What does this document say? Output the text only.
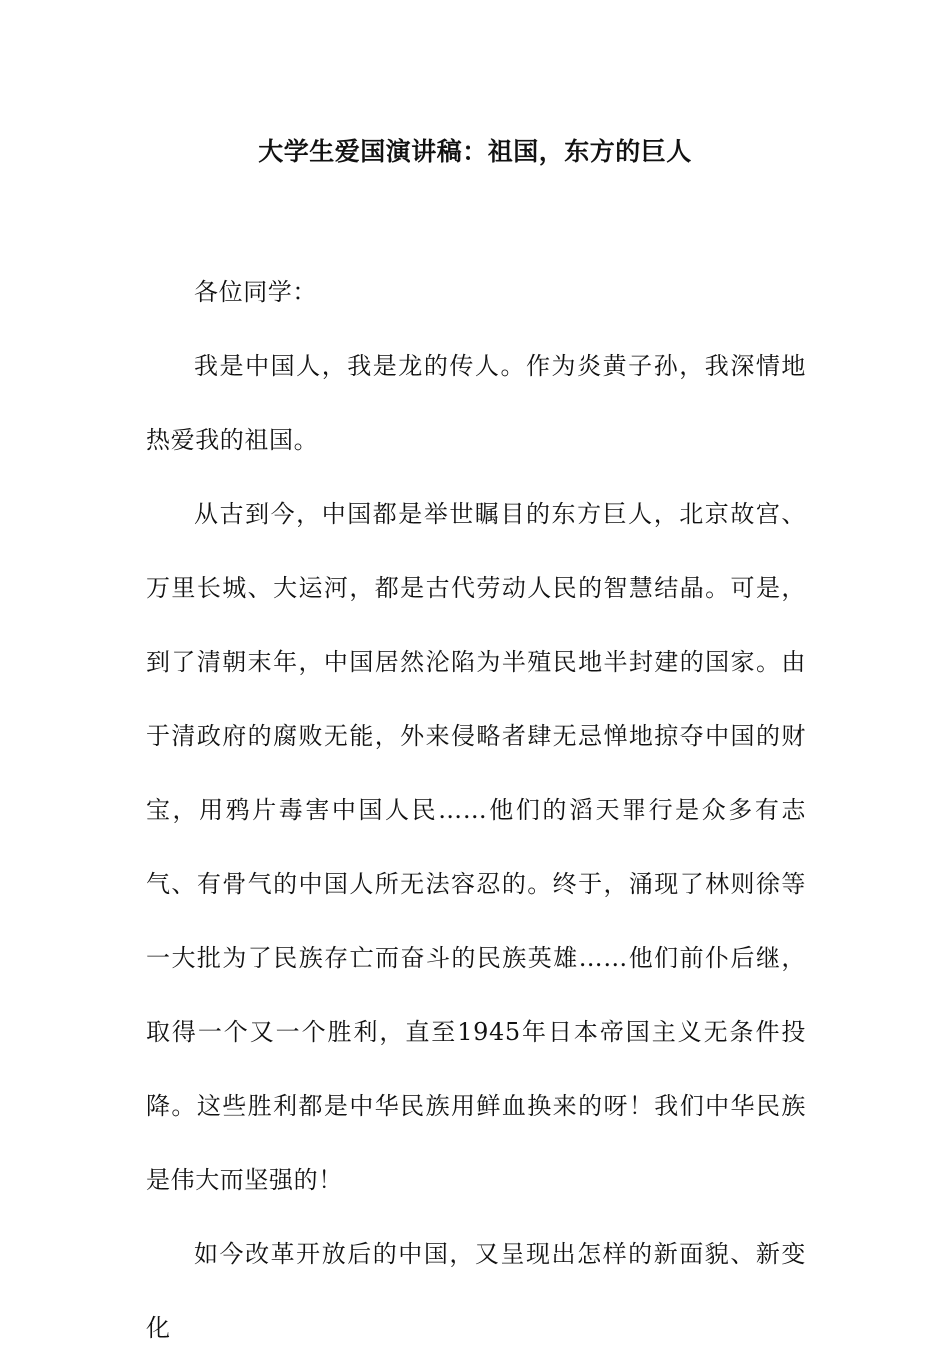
大学生爱国演讲稿：祖国，东方的巨人

各位同学：

我是中国人，我是龙的传人。作为炎黄子孙，我深情地热爱我的祖国。

从古到今，中国都是举世瞩目的东方巨人，北京故宫、万里长城、大运河，都是古代劳动人民的智慧结晶。可是，到了清朝末年，中国居然沦陷为半殖民地半封建的国家。由于清政府的腐败无能，外来侵略者肆无忌惮地掠夺中国的财宝，用鸦片毒害中国人民……他们的滔天罪行是众多有志气、有骨气的中国人所无法容忍的。终于，涌现了林则徐等一大批为了民族存亡而奋斗的民族英雄……他们前仆后继，取得一个又一个胜利，直至1945年日本帝国主义无条件投降。这些胜利都是中华民族用鲜血换来的呀！我们中华民族是伟大而坚强的！

如今改革开放后的中国，又呈现出怎样的新面貌、新变化
